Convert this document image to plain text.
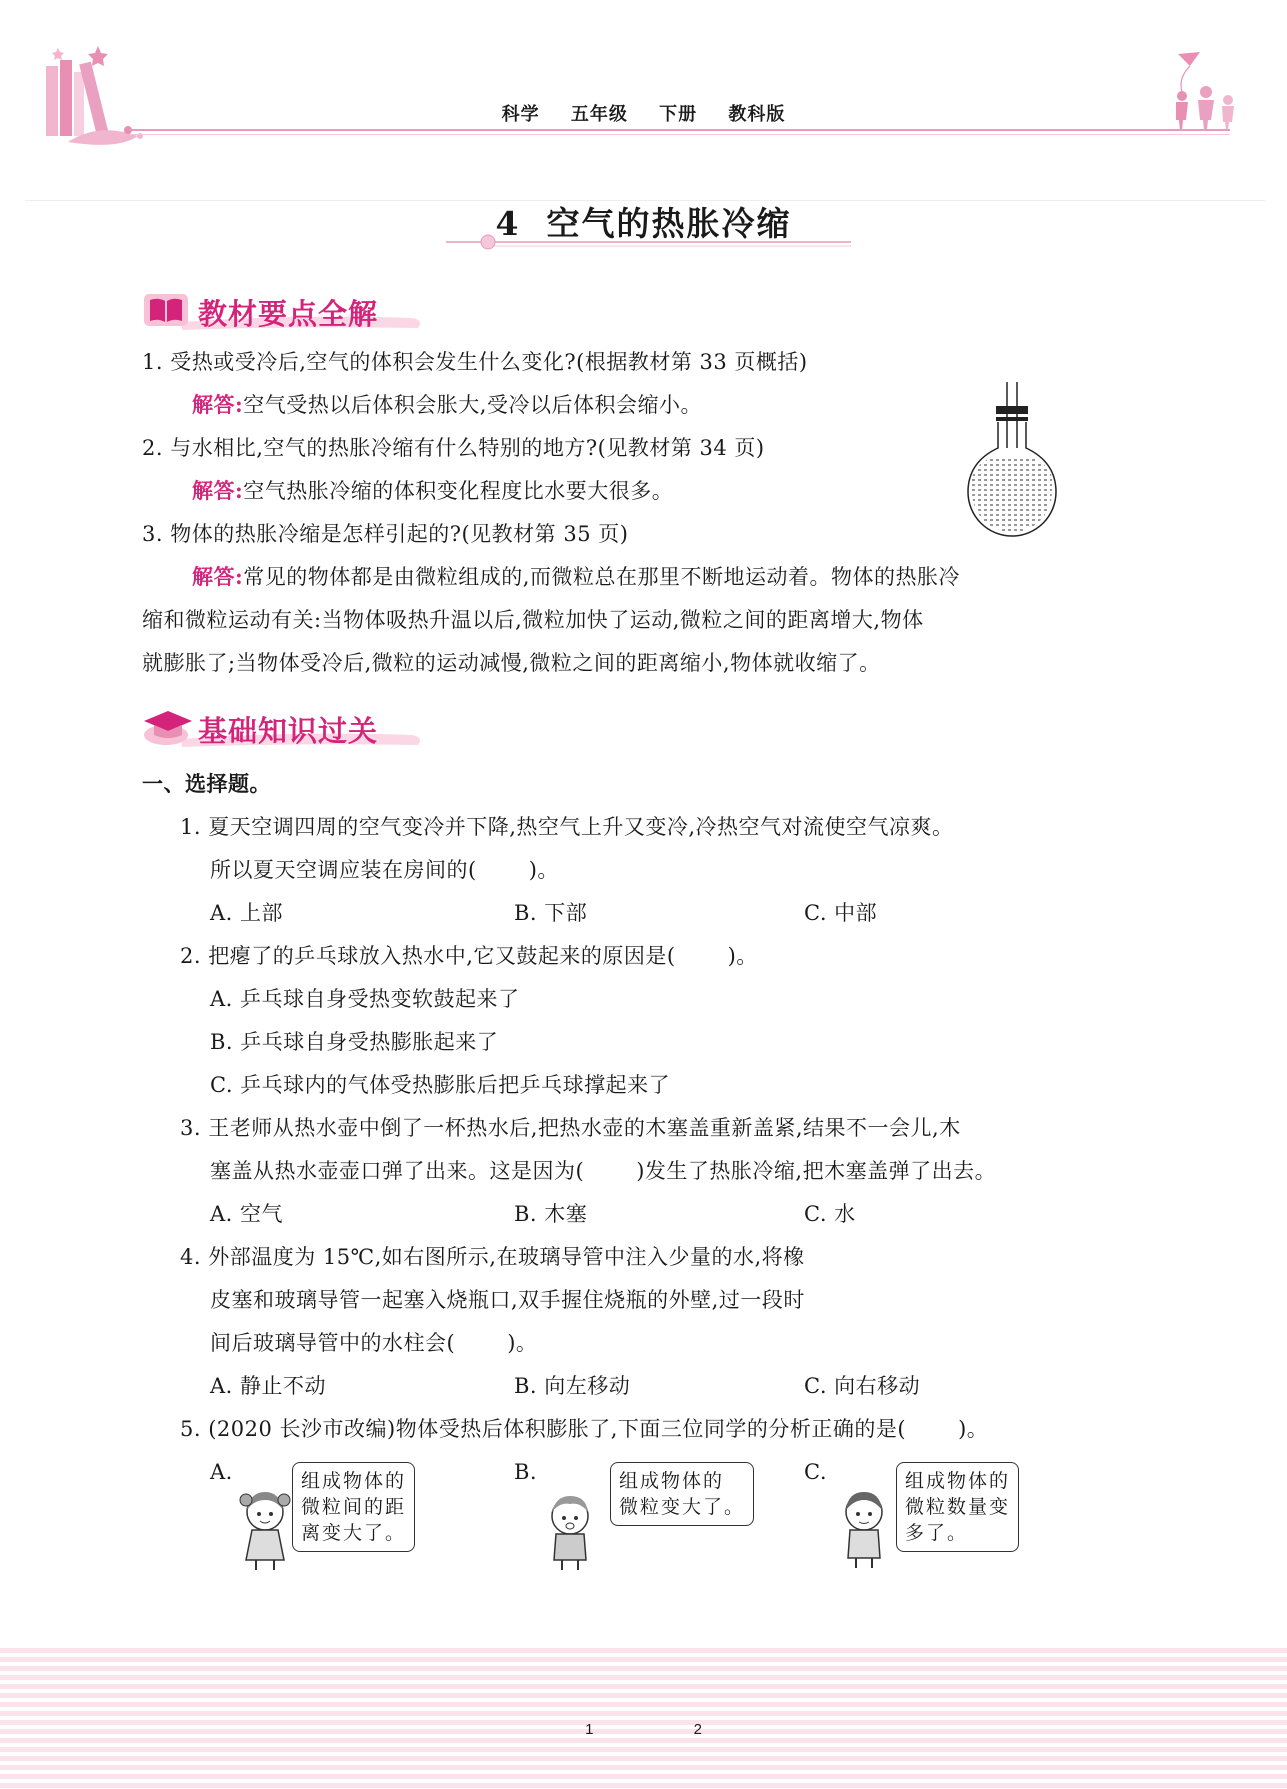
科学 五年级 下册 教科版
4 空气的热胀冷缩
教材要点全解
1. 受热或受冷后,空气的体积会发生什么变化?(根据教材第 33 页概括)
解答:空气受热以后体积会胀大,受冷以后体积会缩小。
2. 与水相比,空气的热胀冷缩有什么特别的地方?(见教材第 34 页)
解答:空气热胀冷缩的体积变化程度比水要大很多。
3. 物体的热胀冷缩是怎样引起的?(见教材第 35 页)
解答:常见的物体都是由微粒组成的,而微粒总在那里不断地运动着。物体的热胀冷
缩和微粒运动有关:当物体吸热升温以后,微粒加快了运动,微粒之间的距离增大,物体
就膨胀了;当物体受冷后,微粒的运动减慢,微粒之间的距离缩小,物体就收缩了。
基础知识过关
一、选择题。
1. 夏天空调四周的空气变冷并下降,热空气上升又变冷,冷热空气对流使空气凉爽。
所以夏天空调应装在房间的( )。
A. 上部	B. 下部	C. 中部
2. 把瘪了的乒乓球放入热水中,它又鼓起来的原因是( )。
A. 乒乓球自身受热变软鼓起来了
B. 乒乓球自身受热膨胀起来了
C. 乒乓球内的气体受热膨胀后把乒乓球撑起来了
3. 王老师从热水壶中倒了一杯热水后,把热水壶的木塞盖重新盖紧,结果不一会儿,木
塞盖从热水壶壶口弹了出来。这是因为( )发生了热胀冷缩,把木塞盖弹了出去。
A. 空气	B. 木塞	C. 水
4. 外部温度为 15℃,如右图所示,在玻璃导管中注入少量的水,将橡
皮塞和玻璃导管一起塞入烧瓶口,双手握住烧瓶的外壁,过一段时
间后玻璃导管中的水柱会( )。
A. 静止不动	B. 向左移动	C. 向右移动
5. (2020 长沙市改编)物体受热后体积膨胀了,下面三位同学的分析正确的是( )。
A.	组成物体的
微粒间的距
离变大了。
B.	组成物体的
微粒变大了。
C.	组成物体的
微粒数量变
多了。
1 2
